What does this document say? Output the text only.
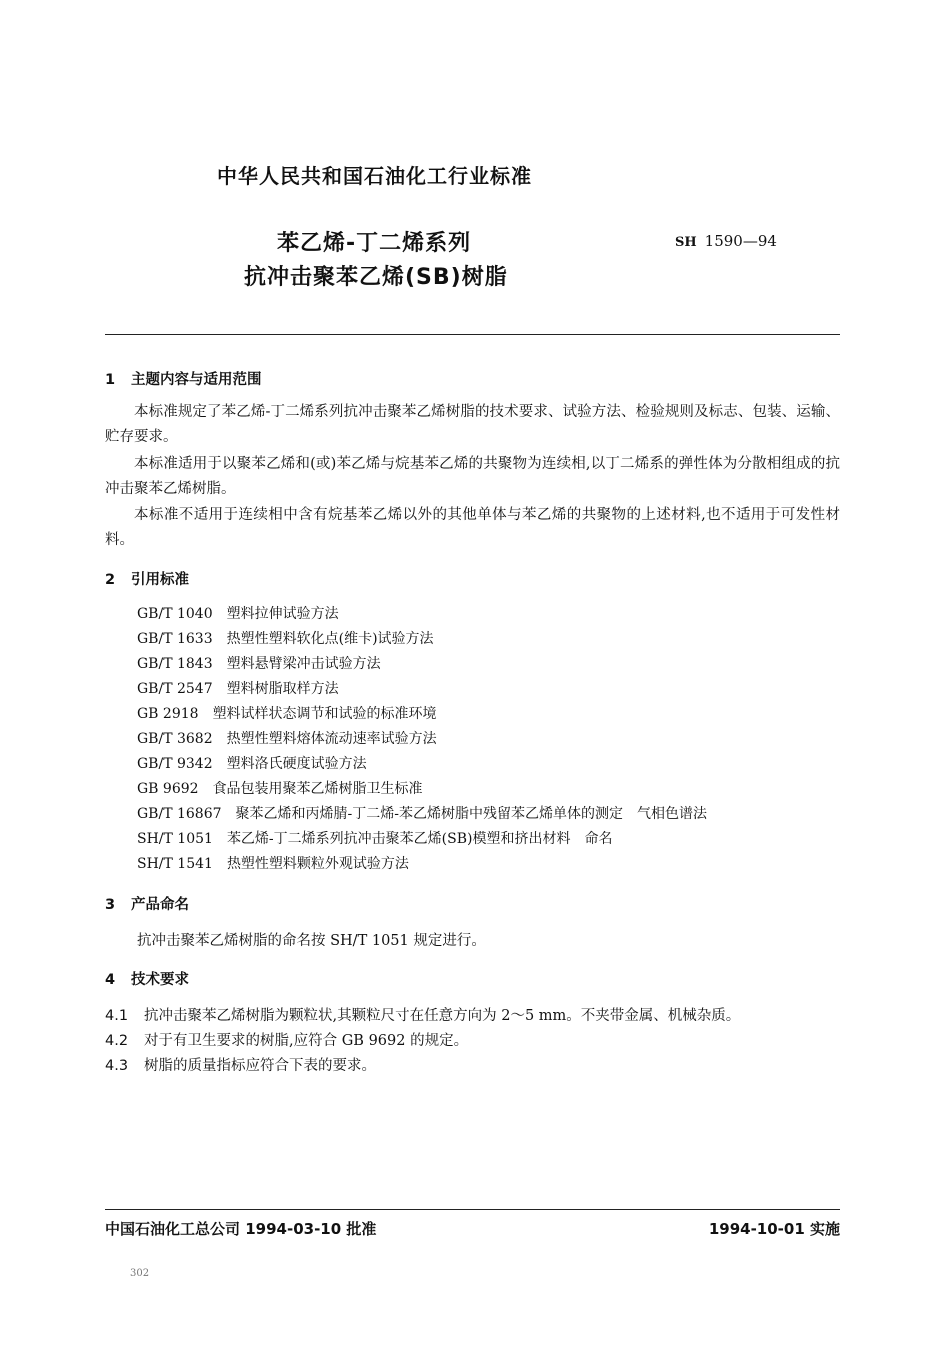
中华人民共和国石油化工行业标准
苯乙烯-丁二烯系列
抗冲击聚苯乙烯(SB)树脂
SH 1590—94
1 主题内容与适用范围
本标准规定了苯乙烯-丁二烯系列抗冲击聚苯乙烯树脂的技术要求、试验方法、检验规则及标志、包装、运输、贮存要求。
本标准适用于以聚苯乙烯和(或)苯乙烯与烷基苯乙烯的共聚物为连续相,以丁二烯系的弹性体为分散相组成的抗冲击聚苯乙烯树脂。
本标准不适用于连续相中含有烷基苯乙烯以外的其他单体与苯乙烯的共聚物的上述材料,也不适用于可发性材料。
2 引用标准
GB/T 1040 塑料拉伸试验方法
GB/T 1633 热塑性塑料软化点(维卡)试验方法
GB/T 1843 塑料悬臂梁冲击试验方法
GB/T 2547 塑料树脂取样方法
GB 2918 塑料试样状态调节和试验的标准环境
GB/T 3682 热塑性塑料熔体流动速率试验方法
GB/T 9342 塑料洛氏硬度试验方法
GB 9692 食品包装用聚苯乙烯树脂卫生标准
GB/T 16867 聚苯乙烯和丙烯腈-丁二烯-苯乙烯树脂中残留苯乙烯单体的测定　气相色谱法
SH/T 1051 苯乙烯-丁二烯系列抗冲击聚苯乙烯(SB)模塑和挤出材料　命名
SH/T 1541 热塑性塑料颗粒外观试验方法
3 产品命名
抗冲击聚苯乙烯树脂的命名按 SH/T 1051 规定进行。
4 技术要求
4.1 抗冲击聚苯乙烯树脂为颗粒状,其颗粒尺寸在任意方向为 2～5 mm。不夹带金属、机械杂质。
4.2 对于有卫生要求的树脂,应符合 GB 9692 的规定。
4.3 树脂的质量指标应符合下表的要求。
中国石油化工总公司 1994-03-10 批准	1994-10-01 实施
302
